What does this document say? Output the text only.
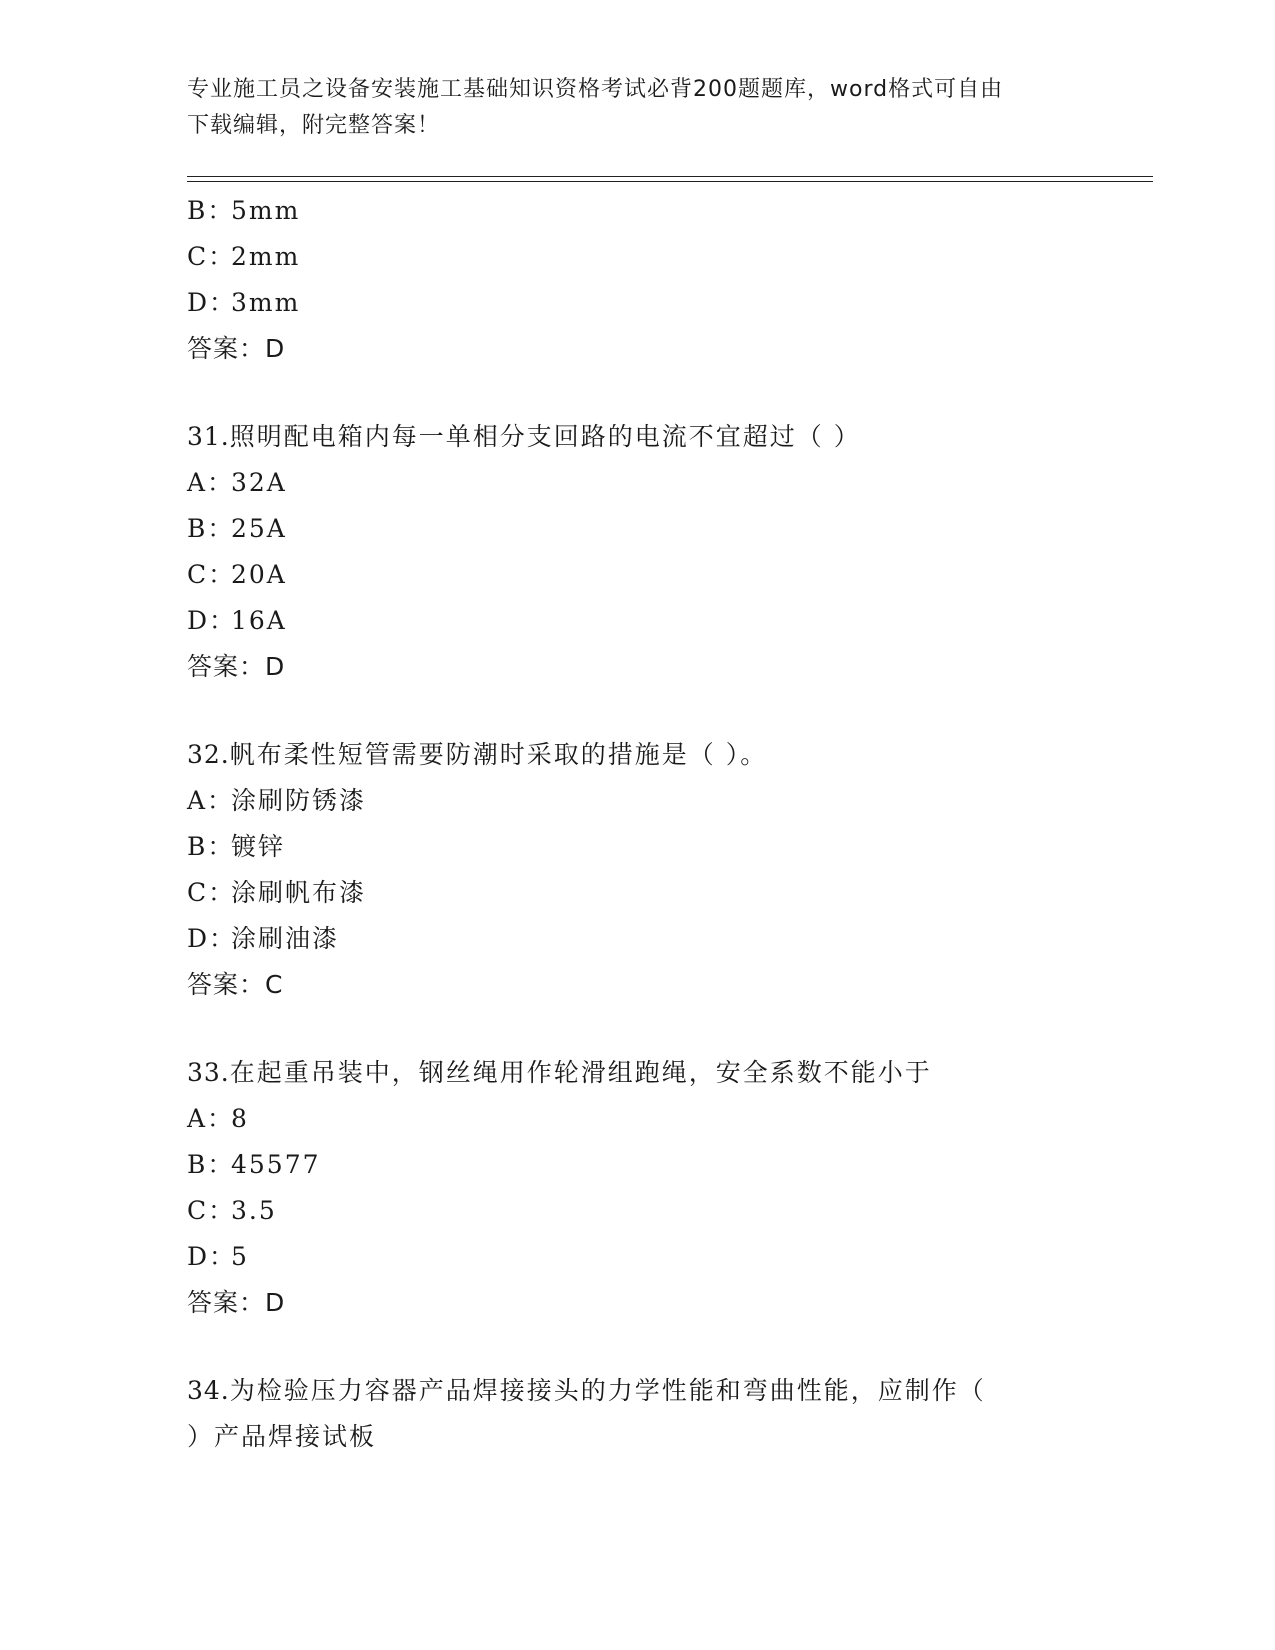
专业施工员之设备安装施工基础知识资格考试必背200题题库，word格式可自由
下载编辑，附完整答案！
B：5mm
C：2mm
D：3mm
答案：D
31.照明配电箱内每一单相分支回路的电流不宜超过（ ）
A：32A
B：25A
C：20A
D：16A
答案：D
32.帆布柔性短管需要防潮时采取的措施是（ ）。
A：涂刷防锈漆
B：镀锌
C：涂刷帆布漆
D：涂刷油漆
答案：C
33.在起重吊装中，钢丝绳用作轮滑组跑绳，安全系数不能小于
A：8
B：45577
C：3.5
D：5
答案：D
34.为检验压力容器产品焊接接头的力学性能和弯曲性能，应制作（
）产品焊接试板
